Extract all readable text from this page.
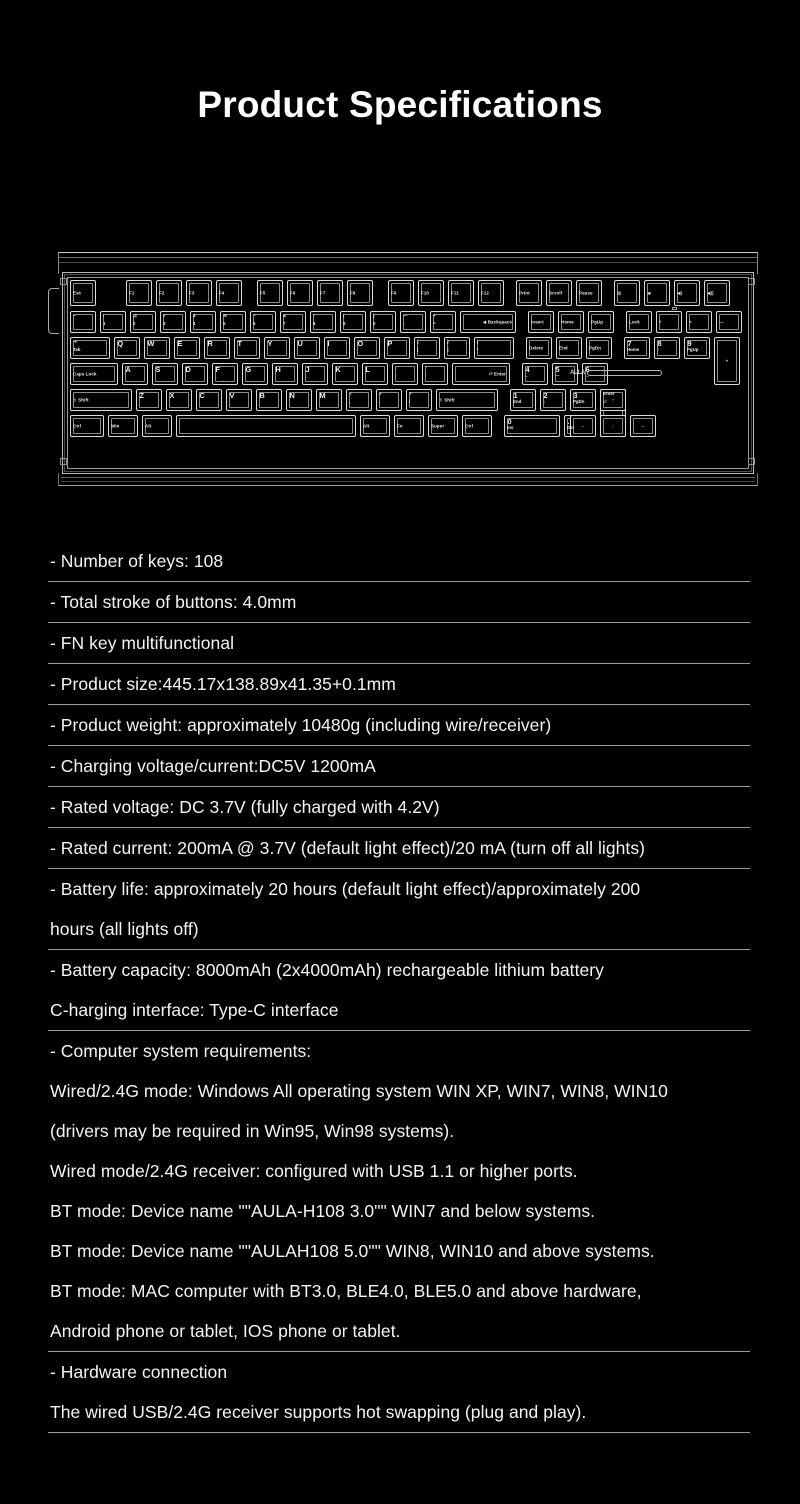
Product Specifications
Esc	F1	F2	F3	F4	F5	F6	F7	F8	F9	F10	F11	F12	Print	Scroll	Pause	▤	◀	◀)	◀))
~
`
!
1
@
2
#
3
$
4
%
5
^
6
&
7
*
8
(
9
)
0
—
-
+
=	◀ Backspace	Insert	Home	PgUp	Lock	÷	×	—
⇥
Tab
Q	W	E	R	T	Y	U	I	O	P	{
[
}
]
|
\	Delete	End	PgDn
7
Home
8
↑
9
PgUp
+
Caps Lock
A	S	D	F
_
G	H	J
_
K	L	:
;
"
'	⏎ Enter
4
←
5
—
6
→
⇧ Shift
Z	X	C	V	B	N	M	<
,
>
.
?
/	⇧ Shift
1
End
2
↓
3
PgDn
Enter
⏎
Ctrl	Win	Alt	Alt	Fn	Super	Ctrl
0
Ins
.
Del
AULA
↑
←	↓	→
- Number of keys: 108
- Total stroke of buttons: 4.0mm
- FN key multifunctional
- Product size:445.17x138.89x41.35+0.1mm
- Product weight: approximately 10480g (including wire/receiver)
- Charging voltage/current:DC5V 1200mA
- Rated voltage: DC 3.7V (fully charged with 4.2V)
- Rated current: 200mA @ 3.7V (default light effect)/20 mA (turn off all lights)
- Battery life: approximately 20 hours (default light effect)/approximately 200
hours (all lights off)
- Battery capacity: 8000mAh (2x4000mAh) rechargeable lithium battery
C-harging interface: Type-C interface
- Computer system requirements:
Wired/2.4G mode: Windows All operating system WIN XP, WIN7, WIN8, WIN10
(drivers may be required in Win95, Win98 systems).
Wired mode/2.4G receiver: configured with USB 1.1 or higher ports.
BT mode: Device name ""AULA-H108 3.0"" WIN7 and below systems.
BT mode: Device name ""AULAH108 5.0"" WIN8, WIN10 and above systems.
BT mode: MAC computer with BT3.0, BLE4.0, BLE5.0 and above hardware,
Android phone or tablet, IOS phone or tablet.
- Hardware connection
The wired USB/2.4G receiver supports hot swapping (plug and play).
